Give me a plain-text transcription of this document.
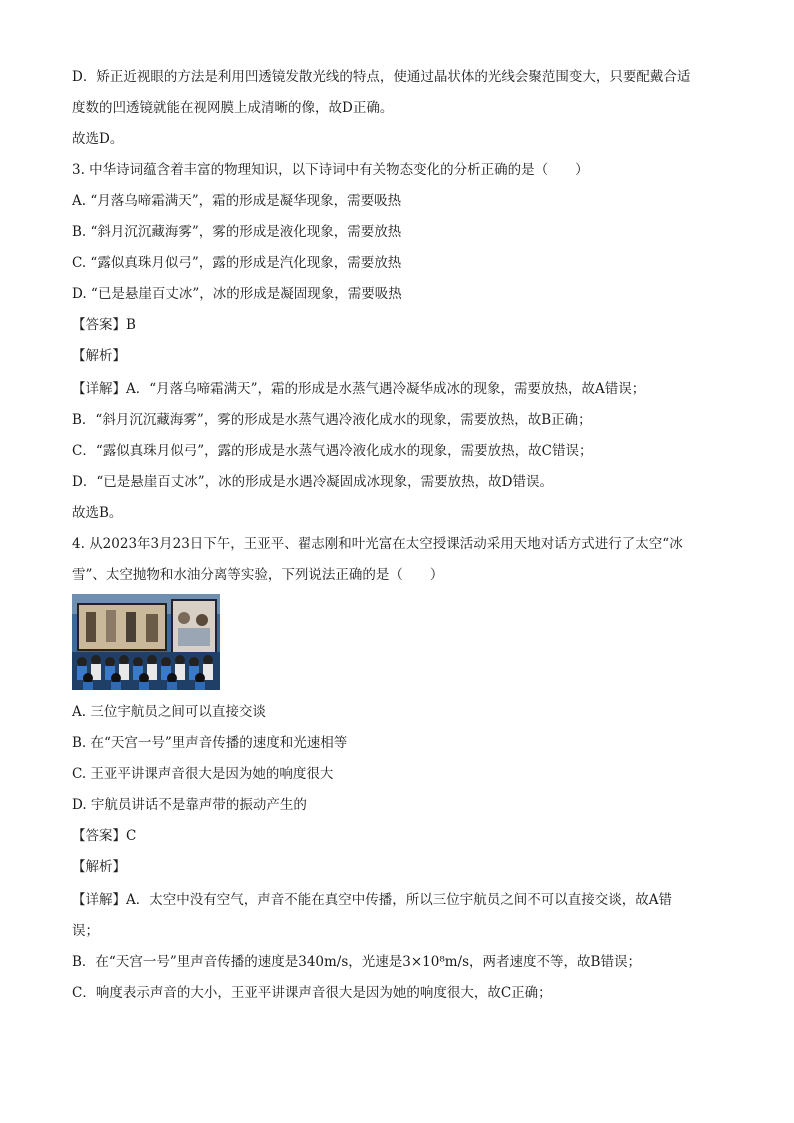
D．矫正近视眼的方法是利用凹透镜发散光线的特点，使通过晶状体的光线会聚范围变大，只要配戴合适
度数的凹透镜就能在视网膜上成清晰的像，故D正确。
故选D。
3. 中华诗词蕴含着丰富的物理知识，以下诗词中有关物态变化的分析正确的是（　　）
A. “月落乌啼霜满天”，霜的形成是凝华现象，需要吸热
B. “斜月沉沉藏海雾”，雾的形成是液化现象，需要放热
C. “露似真珠月似弓”，露的形成是汽化现象，需要放热
D. “已是悬崖百丈冰”，冰的形成是凝固现象，需要吸热
【答案】B
【解析】
【详解】A．“月落乌啼霜满天”，霜的形成是水蒸气遇冷凝华成冰的现象，需要放热，故A错误；
B．“斜月沉沉藏海雾”，雾的形成是水蒸气遇冷液化成水的现象，需要放热，故B正确；
C．“露似真珠月似弓”，露的形成是水蒸气遇冷液化成水的现象，需要放热，故C错误；
D．“已是悬崖百丈冰”，冰的形成是水遇冷凝固成冰现象，需要放热，故D错误。
故选B。
4. 从2023年3月23日下午，王亚平、翟志刚和叶光富在太空授课活动采用天地对话方式进行了太空“冰
雪”、太空抛物和水油分离等实验，下列说法正确的是（　　）
A. 三位宇航员之间可以直接交谈
B. 在“天宫一号”里声音传播的速度和光速相等
C. 王亚平讲课声音很大是因为她的响度很大
D. 宇航员讲话不是靠声带的振动产生的
【答案】C
【解析】
【详解】A．太空中没有空气，声音不能在真空中传播，所以三位宇航员之间不可以直接交谈，故A错
误；
B．在“天宫一号”里声音传播的速度是340m/s，光速是3×10⁸m/s，两者速度不等，故B错误；
C．响度表示声音的大小，王亚平讲课声音很大是因为她的响度很大，故C正确；
